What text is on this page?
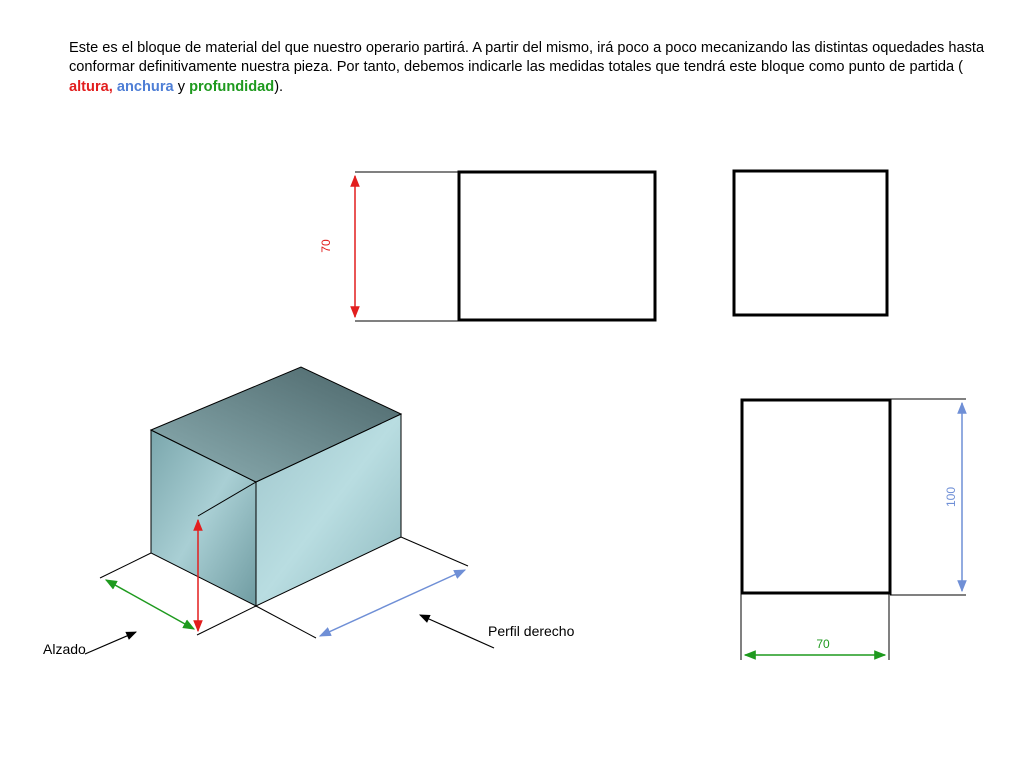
Este es el bloque de material del que nuestro operario partirá. A partir del mismo, irá poco a poco mecanizando las distintas oquedades hasta conformar definitivamente nuestra pieza. Por tanto, debemos indicarle las medidas totales que tendrá este bloque como punto de partida ( altura, anchura y profundidad).

70
100
70
Alzado
Perfil derecho
